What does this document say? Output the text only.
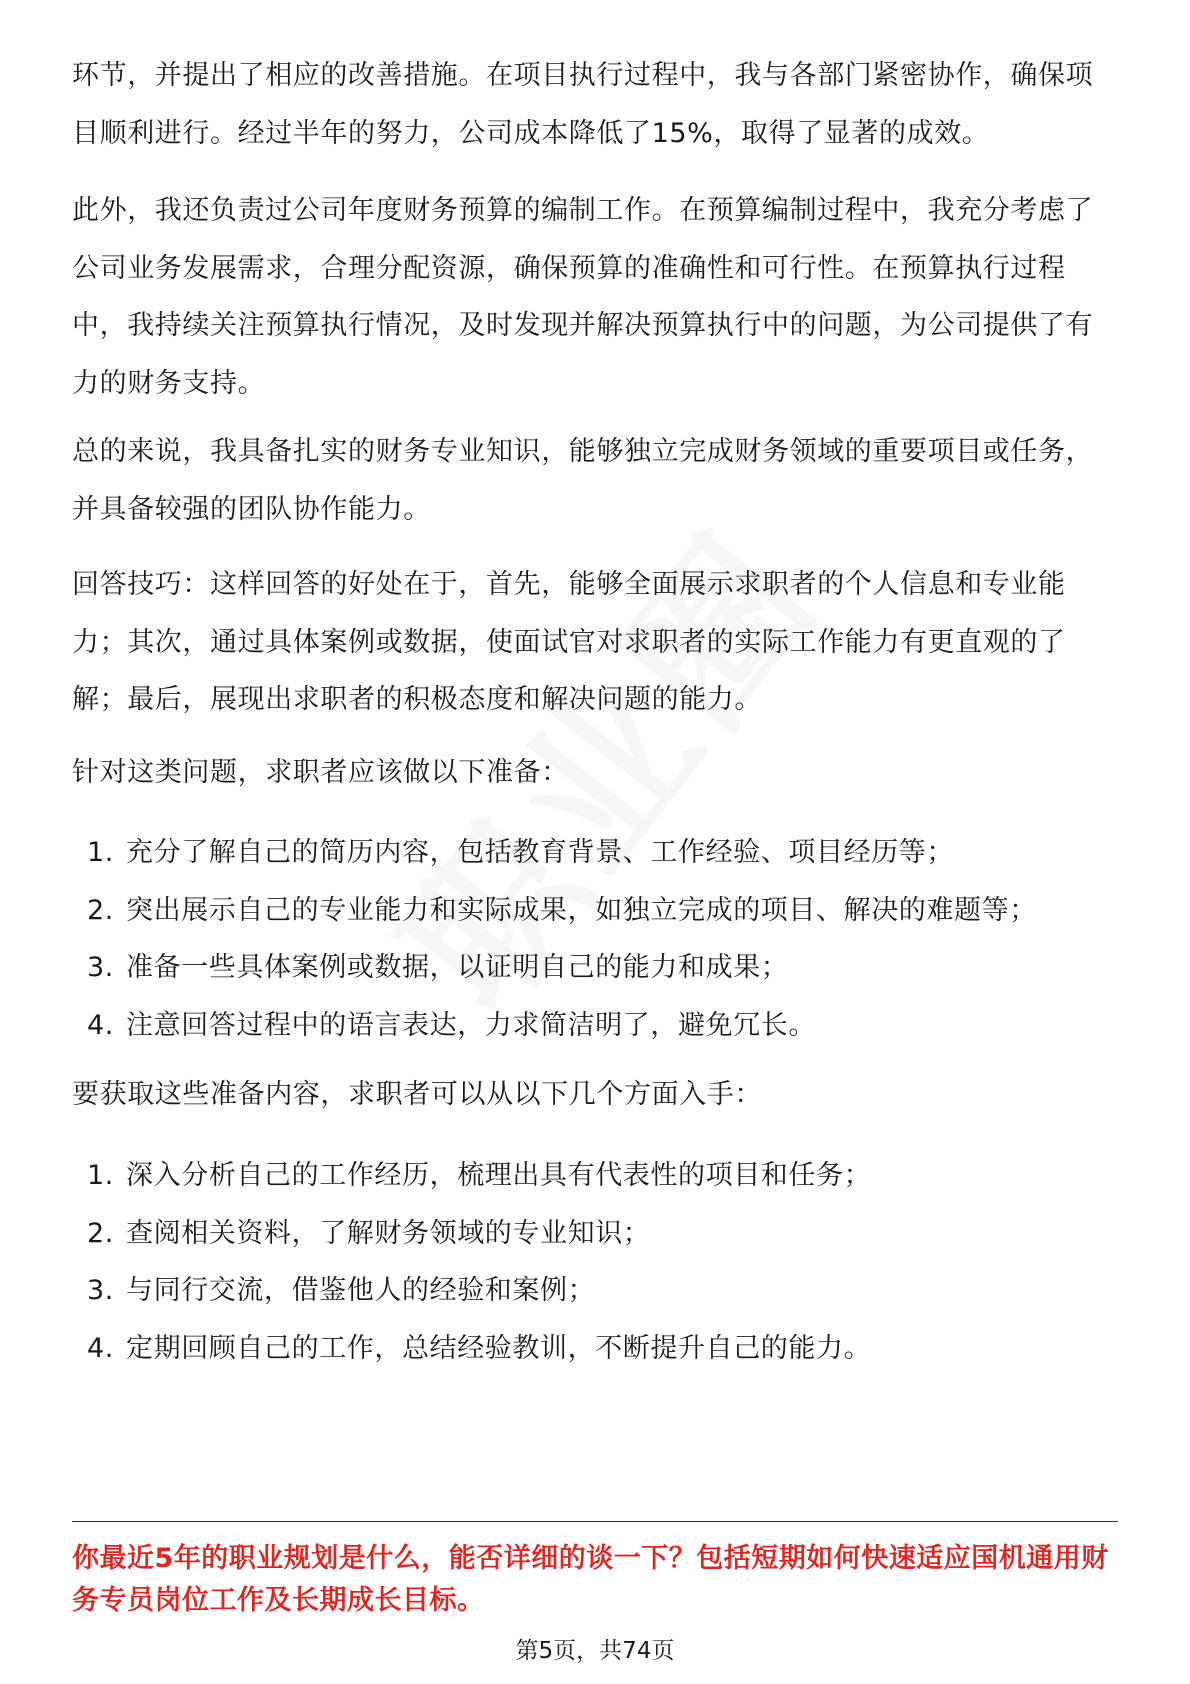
环节，并提出了相应的改善措施。在项目执行过程中，我与各部门紧密协作，确保项目顺利进行。经过半年的努力，公司成本降低了15%，取得了显著的成效。

此外，我还负责过公司年度财务预算的编制工作。在预算编制过程中，我充分考虑了公司业务发展需求，合理分配资源，确保预算的准确性和可行性。在预算执行过程中，我持续关注预算执行情况，及时发现并解决预算执行中的问题，为公司提供了有力的财务支持。

总的来说，我具备扎实的财务专业知识，能够独立完成财务领域的重要项目或任务，并具备较强的团队协作能力。

回答技巧：这样回答的好处在于，首先，能够全面展示求职者的个人信息和专业能力；其次，通过具体案例或数据，使面试官对求职者的实际工作能力有更直观的了解；最后，展现出求职者的积极态度和解决问题的能力。

针对这类问题，求职者应该做以下准备：

1. 充分了解自己的简历内容，包括教育背景、工作经验、项目经历等；
2. 突出展示自己的专业能力和实际成果，如独立完成的项目、解决的难题等；
3. 准备一些具体案例或数据，以证明自己的能力和成果；
4. 注意回答过程中的语言表达，力求简洁明了，避免冗长。

要获取这些准备内容，求职者可以从以下几个方面入手：

1. 深入分析自己的工作经历，梳理出具有代表性的项目和任务；
2. 查阅相关资料，了解财务领域的专业知识；
3. 与同行交流，借鉴他人的经验和案例；
4. 定期回顾自己的工作，总结经验教训，不断提升自己的能力。

你最近5年的职业规划是什么，能否详细的谈一下？包括短期如何快速适应国机通用财务专员岗位工作及长期成长目标。

第5页，共74页
